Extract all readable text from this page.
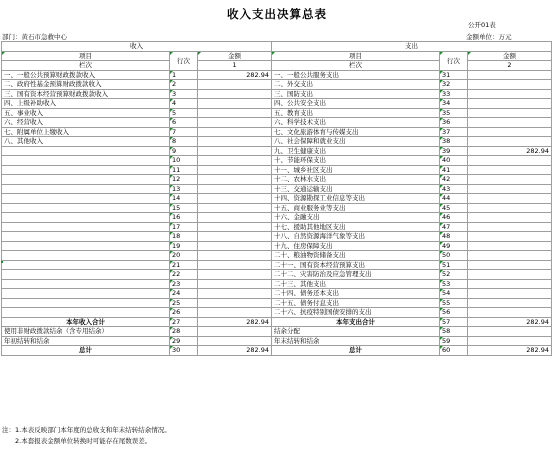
收入支出决算总表
公开01表
部门：黄石市急救中心	金额单位：万元
收入			支出		
项目	行次	金额	项目	行次	金额
栏次		1	栏次		2
一、一般公共预算财政拨款收入	1	282.94	一、一般公共服务支出	31	
二、政府性基金预算财政拨款收入	2		二、外交支出	32	
三、国有资本经营预算财政拨款收入	3		三、国防支出	33	
四、上级补助收入	4		四、公共安全支出	34	
五、事业收入	5		五、教育支出	35	
六、经营收入	6		六、科学技术支出	36	
七、附属单位上缴收入	7		七、文化旅游体育与传媒支出	37	
八、其他收入	8		八、社会保障和就业支出	38	
	9		九、卫生健康支出	39	282.94
	10		十、节能环保支出	40	
	11		十一、城乡社区支出	41	
	12		十二、农林水支出	42	
	13		十三、交通运输支出	43	
	14		十四、资源勘探工业信息等支出	44	
	15		十五、商业服务业等支出	45	
	16		十六、金融支出	46	
	17		十七、援助其他地区支出	47	
	18		十八、自然资源海洋气象等支出	48	
	19		十九、住房保障支出	49	
	20		二十、粮油物资储备支出	50	
	21		二十一、国有资本经营预算支出	51	
	22		二十二、灾害防治及应急管理支出	52	
	23		二十三、其他支出	53	
	24		二十四、债务还本支出	54	
	25		二十五、债务付息支出	55	
	26		二十六、抗疫特别国债安排的支出	56	
本年收入合计	27	282.94	本年支出合计	57	282.94
使用非财政拨款结余（含专用结余）	28		结余分配	58	
年初结转和结余	29		年末结转和结余	59	
总计	30	282.94	总计	60	282.94
注：1.本表反映部门本年度的总收支和年末结转结余情况。
　　2.本套报表金额单位转换时可能存在尾数误差。
